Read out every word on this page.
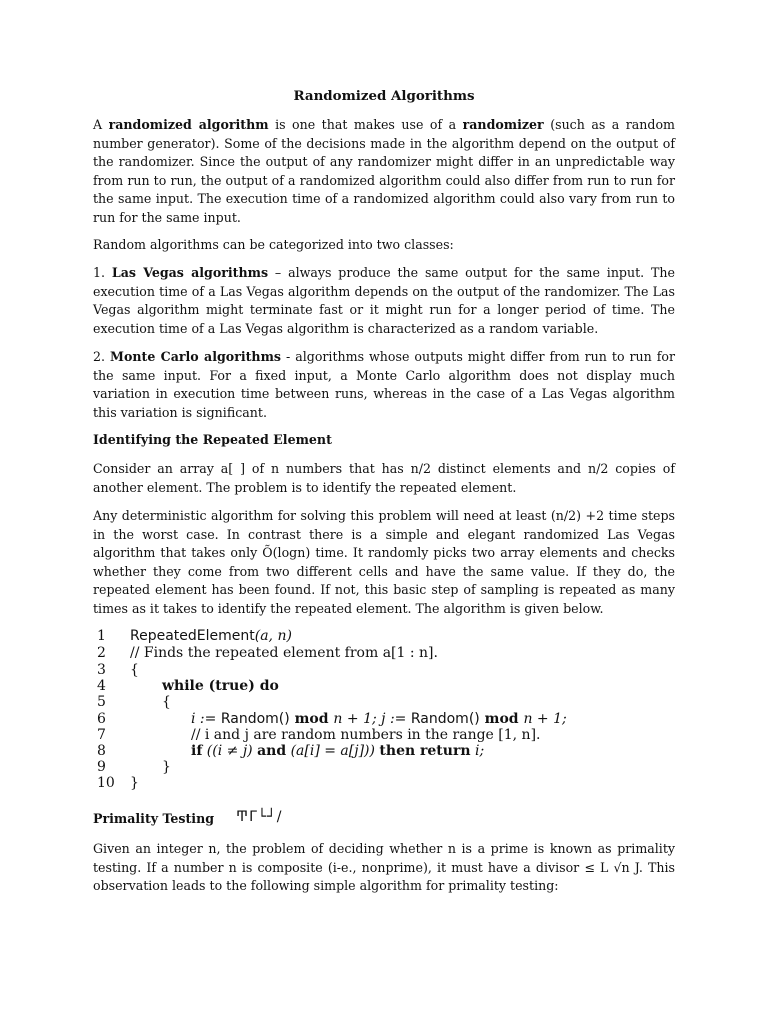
Randomized Algorithms

A randomized algorithm is one that makes use of a randomizer (such as a random number generator). Some of the decisions made in the algorithm depend on the output of the randomizer. Since the output of any randomizer might differ in an unpredictable way from run to run, the output of a randomized algorithm could also differ from run to run for the same input. The execution time of a randomized algorithm could also vary from run to run for the same input.

Random algorithms can be categorized into two classes:

1. Las Vegas algorithms – always produce the same output for the same input. The execution time of a Las Vegas algorithm depends on the output of the randomizer. The Las Vegas algorithm might terminate fast or it might run for a longer period of time. The execution time of a Las Vegas algorithm is characterized as a random variable.

2. Monte Carlo algorithms - algorithms whose outputs might differ from run to run for the same input. For a fixed input, a Monte Carlo algorithm does not display much variation in execution time between runs, whereas in the case of a Las Vegas algorithm this variation is significant.

Identifying the Repeated Element

Consider an array a[ ] of n numbers that has n/2 distinct elements and n/2 copies of another element. The problem is to identify the repeated element.

Any deterministic algorithm for solving this problem will need at least (n/2) +2 time steps in the worst case. In contrast there is a simple and elegant randomized Las Vegas algorithm that takes only Õ(logn) time. It randomly picks two array elements and checks whether they come from two different cells and have the same value. If they do, the repeated element has been found. If not, this basic step of sampling is repeated as many times as it takes to identify the repeated element. The algorithm is given below.

1	RepeatedElement(a, n)
2	// Finds the repeated element from a[1 : n].
3	{
4	while (true) do
5	{
6	i := Random() mod n + 1; j := Random() mod n + 1;
7	// i and j are random numbers in the range [1, n].
8	if ((i ≠ j) and (a[i] = a[j])) then return i;
9	}
10	}

Primality Testing ͲΓ└┘/

Given an integer n, the problem of deciding whether n is a prime is known as primality testing. If a number n is composite (i-e., nonprime), it must have a divisor ≤ L √n J. This observation leads to the following simple algorithm for primality testing:
